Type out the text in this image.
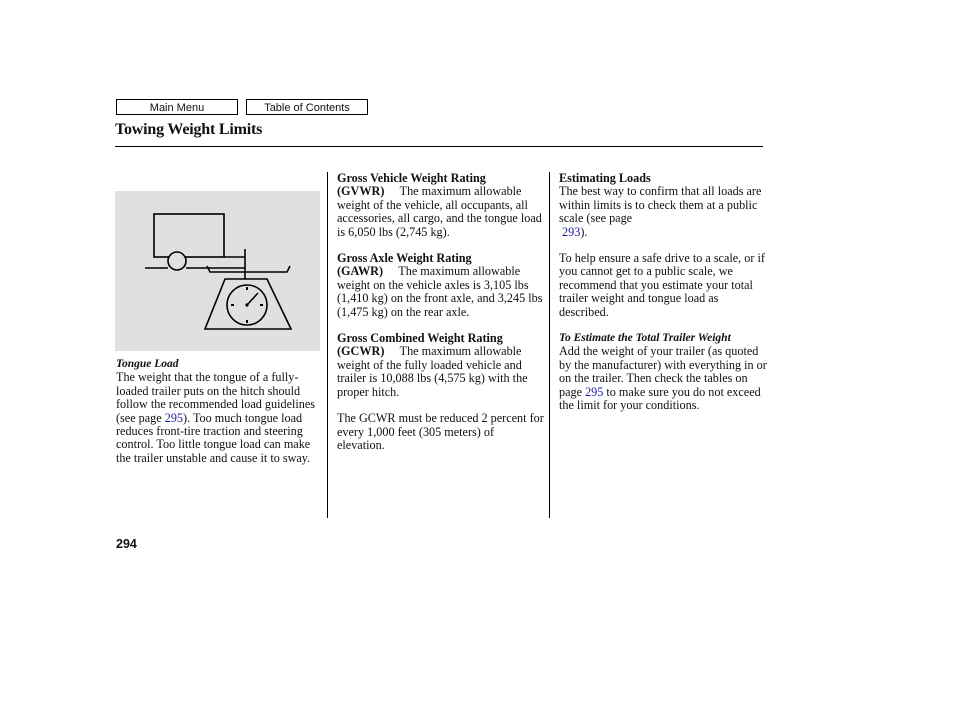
Main Menu	Table of Contents
Towing Weight Limits

Tongue Load

The weight that the tongue of a fully-loaded trailer puts on the hitch should follow the recommended load guidelines (see page 295). Too much tongue load reduces front-tire traction and steering control. Too little tongue load can make the trailer unstable and cause it to sway.

Gross Vehicle Weight Rating
(GVWR) The maximum allowable weight of the vehicle, all occupants, all accessories, all cargo, and the tongue load is 6,050 lbs (2,745 kg).

Gross Axle Weight Rating
(GAWR) The maximum allowable weight on the vehicle axles is 3,105 lbs (1,410 kg) on the front axle, and 3,245 lbs (1,475 kg) on the rear axle.

Gross Combined Weight Rating
(GCWR) The maximum allowable weight of the fully loaded vehicle and trailer is 10,088 lbs (4,575 kg) with the proper hitch.

The GCWR must be reduced 2 percent for every 1,000 feet (305 meters) of elevation.

Estimating Loads

The best way to confirm that all loads are within limits is to check them at a public scale (see page
293).

To help ensure a safe drive to a scale, or if you cannot get to a public scale, we recommend that you estimate your total trailer weight and tongue load as described.

To Estimate the Total Trailer Weight

Add the weight of your trailer (as quoted by the manufacturer) with everything in or on the trailer. Then check the tables on page 295 to make sure you do not exceed the limit for your conditions.

294
